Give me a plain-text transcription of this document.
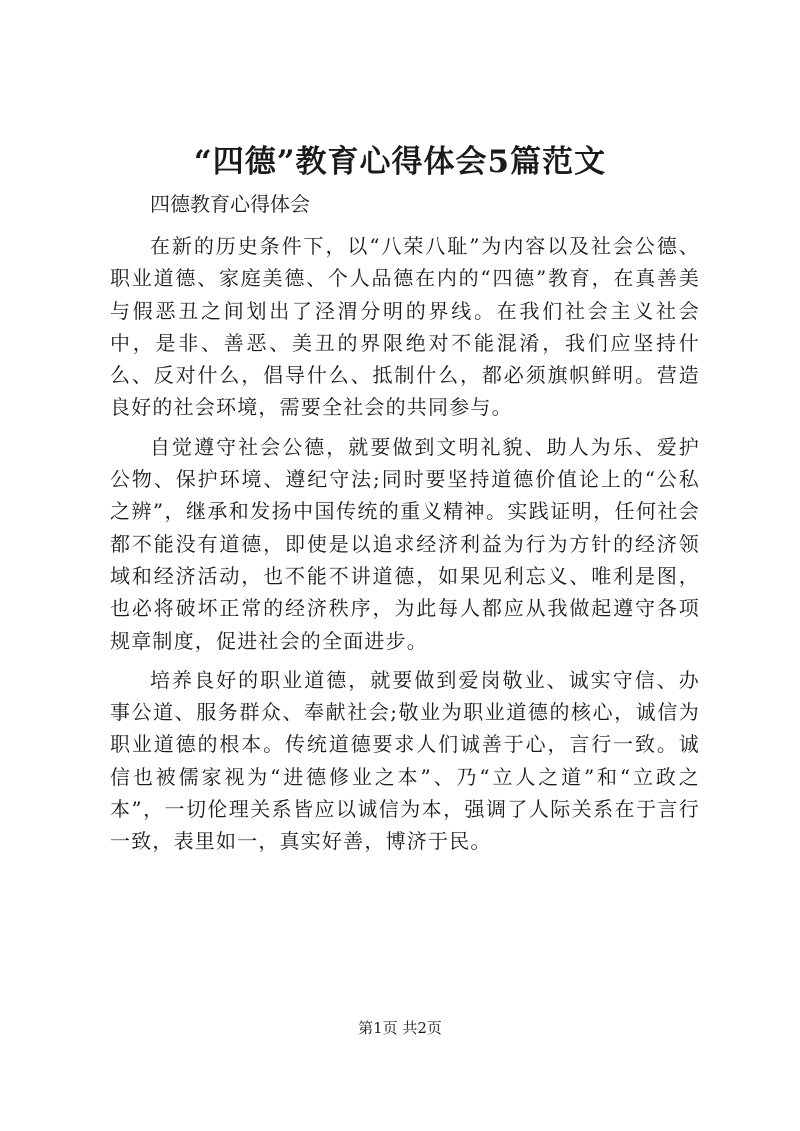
“四德”教育心得体会5篇范文

四德教育心得体会

在新的历史条件下，以“八荣八耻”为内容以及社会公德、职业道德、家庭美德、个人品德在内的“四德”教育，在真善美与假恶丑之间划出了泾渭分明的界线。在我们社会主义社会中，是非、善恶、美丑的界限绝对不能混淆，我们应坚持什么、反对什么，倡导什么、抵制什么，都必须旗帜鲜明。营造良好的社会环境，需要全社会的共同参与。

自觉遵守社会公德，就要做到文明礼貌、助人为乐、爱护公物、保护环境、遵纪守法;同时要坚持道德价值论上的“公私之辨”，继承和发扬中国传统的重义精神。实践证明，任何社会都不能没有道德，即使是以追求经济利益为行为方针的经济领域和经济活动，也不能不讲道德，如果见利忘义、唯利是图，也必将破坏正常的经济秩序，为此每人都应从我做起遵守各项规章制度，促进社会的全面进步。

培养良好的职业道德，就要做到爱岗敬业、诚实守信、办事公道、服务群众、奉献社会;敬业为职业道德的核心，诚信为职业道德的根本。传统道德要求人们诚善于心，言行一致。诚信也被儒家视为“进德修业之本”、乃“立人之道”和“立政之本”，一切伦理关系皆应以诚信为本，强调了人际关系在于言行一致，表里如一，真实好善，博济于民。

第1页 共2页
